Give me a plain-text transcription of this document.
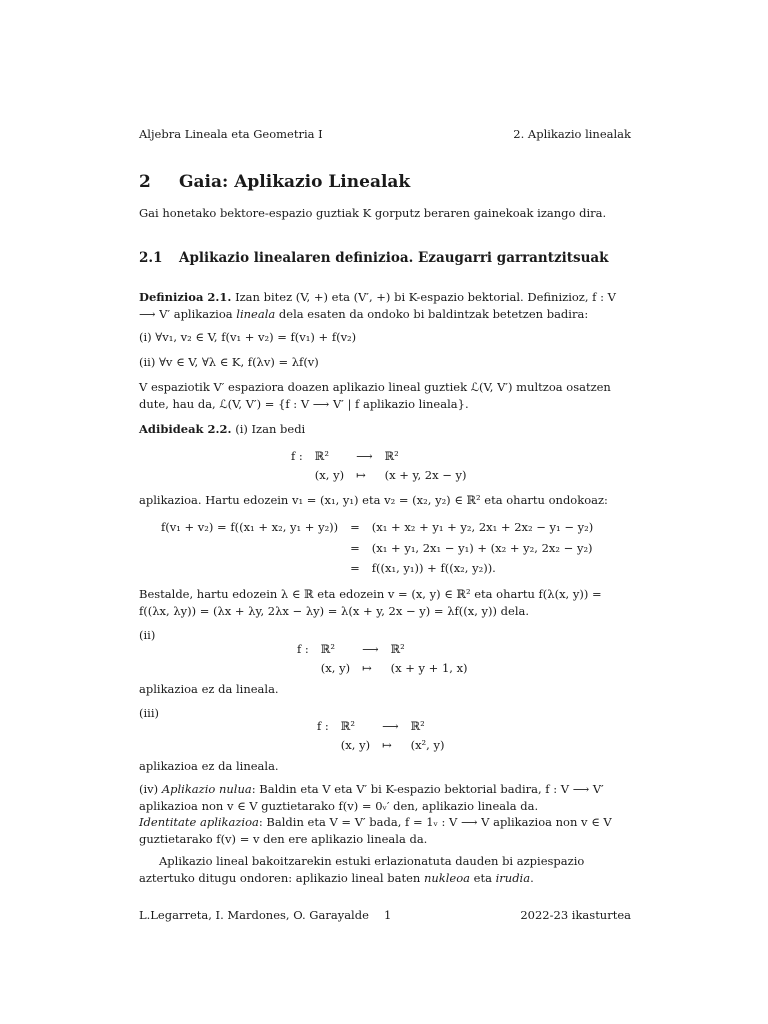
Aljebra Lineala eta Geometria I	2. Aplikazio linealak
2 Gaia: Aplikazio Linealak

Gai honetako bektore-espazio guztiak K gorputz beraren gainekoak izango dira.

2.1 Aplikazio linealaren definizioa. Ezaugarri garrantzitsuak

Definizioa 2.1. Izan bitez (V, +) eta (V′, +) bi K-espazio bektorial. Definizioz, f : V ⟶ V′ aplikazioa lineala dela esaten da ondoko bi baldintzak betetzen badira:

(i) ∀v₁, v₂ ∈ V, f(v₁ + v₂) = f(v₁) + f(v₂)

(ii) ∀v ∈ V, ∀λ ∈ K, f(λv) = λf(v)

V espaziotik V′ espaziora doazen aplikazio lineal guztiek ℒ(V, V′) multzoa osatzen dute, hau da, ℒ(V, V′) = {f : V ⟶ V′ | f aplikazio lineala}.

Adibideak 2.2. (i) Izan bedi

f : ℝ²	⟶ ℝ²
(x, y) ↦	(x + y, 2x − y)

aplikazioa. Hartu edozein v₁ = (x₁, y₁) eta v₂ = (x₂, y₂) ∈ ℝ² eta ohartu ondokoaz:

f(v₁ + v₂) = f((x₁ + x₂, y₁ + y₂)) = (x₁ + x₂ + y₁ + y₂, 2x₁ + 2x₂ − y₁ − y₂)
= (x₁ + y₁, 2x₁ − y₁) + (x₂ + y₂, 2x₂ − y₂)
= f((x₁, y₁)) + f((x₂, y₂)).

Bestalde, hartu edozein λ ∈ ℝ eta edozein v = (x, y) ∈ ℝ² eta ohartu f(λ(x, y)) = f((λx, λy)) = (λx + λy, 2λx − λy) = λ(x + y, 2x − y) = λf((x, y)) dela.

(ii)

f : ℝ²	⟶ ℝ²
(x, y) ↦	(x + y + 1, x)

aplikazioa ez da lineala.

(iii)

f : ℝ²	⟶ ℝ²
(x, y) ↦	(x², y)

aplikazioa ez da lineala.

(iv) Aplikazio nulua: Baldin eta V eta V′ bi K-espazio bektorial badira, f : V ⟶ V′ aplikazioa non v ∈ V guztietarako f(v) = 0ᵥ′ den, aplikazio lineala da.
Identitate aplikazioa: Baldin eta V = V′ bada, f = 1ᵥ : V ⟶ V aplikazioa non v ∈ V guztietarako f(v) = v den ere aplikazio lineala da.

Aplikazio lineal bakoitzarekin estuki erlazionatuta dauden bi azpiespazio aztertuko ditugu ondoren: aplikazio lineal baten nukleoa eta irudia.

L.Legarreta, I. Mardones, O. Garayalde 1	2022-23 ikasturtea
